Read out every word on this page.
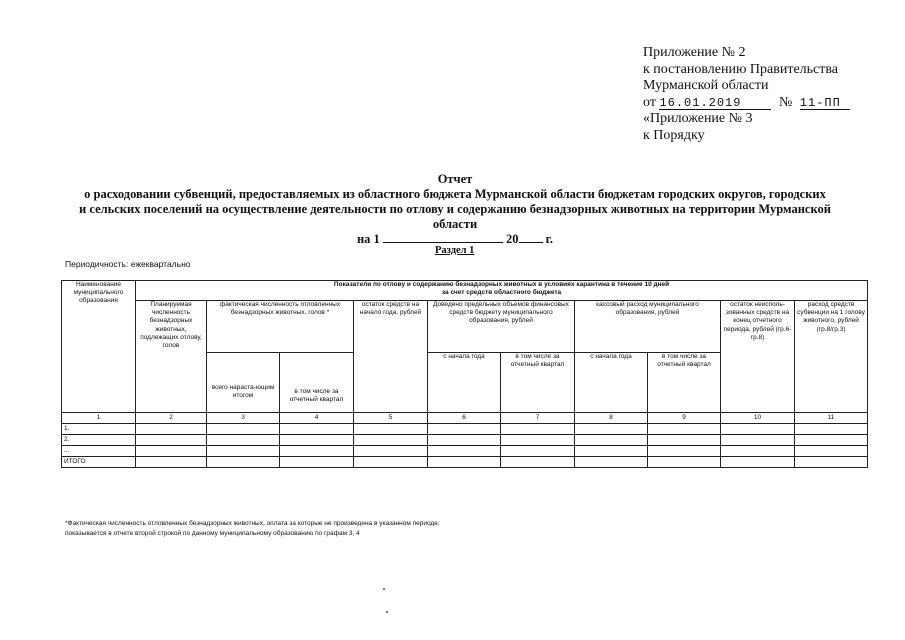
Приложение № 2
к постановлению Правительства
Мурманской области
от 16.01.2019	№ 11-ПП
«Приложение № 3
к Порядку
Отчет
о расходовании субвенций, предоставляемых из областного бюджета Мурманской области бюджетам городских округов, городских
и сельских поселений на осуществление деятельности по отлову и содержанию безнадзорных животных на территории Мурманской
области
на 1	20 г.
Раздел 1
Периодичность: ежеквартально
Наименование муниципального образования	Показатели по отлову и содержанию безнадзорных животных в условиях карантина в течение 10 дней
за счет средств областного бюджета									

	Планируемая численность безнадзорных животных, подлежащих отлову, голов	фактическая численность отловленных безнадзорных животных, голов *		остаток средств на начало года, рублей	Доведено предельных объемов финансовых средств бюджету муниципального образования, рублей		кассовый расход муниципального образования, рублей		остаток неисполь-зованных средств на конец отчетного периода, рублей (гр.6-гр.8)	расход средств субвенции на 1 голову животного, рублей (гр.8/гр.3)
		всего нараста-ющим итогом	в том числе за отчетный квартал		с начала года	в том числе за отчетный квартал	с начала года	в том числе за отчетный квартал		

1	2	3	4	5	6	7	8	9	10	11
1.										
2.										
...										
ИТОГО										
*Фактическая численность отловленных безнадзорных животных, оплата за которые не произведена в указанном периоде,
показывается в отчете второй строкой по данному муниципальному образованию по графам 3, 4
